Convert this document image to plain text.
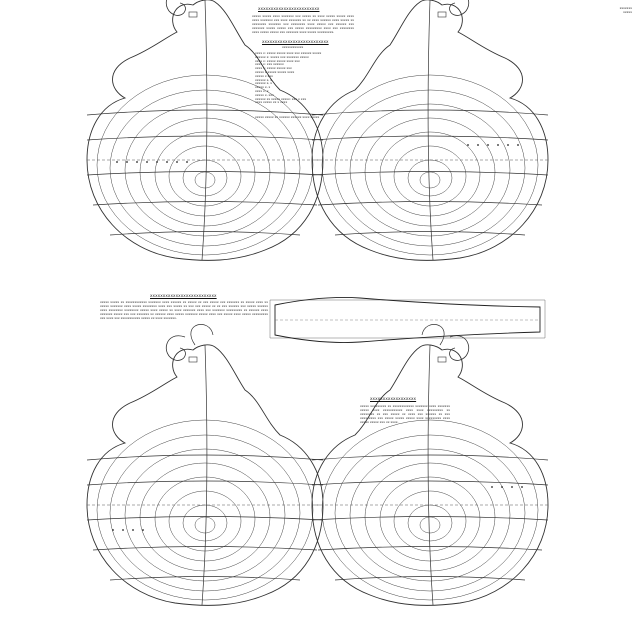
xxxxxxx
xxxxx
XXXXXXXXXXXXXXXXXXXXXXXX
xxxxx xxxxx xxxx xxxxxxx xxx xxxxx xx xxxx xxxxx xxxxx xxxx xxxx xxxxxxx xxx xxxx xxxxxxx xx xx xxxx xxxxxx xxxx xxxxx xx xxxxxxxx xxxxxxx xxx xxxxxxxx xxxx xxxxx xxx xxxxxx xxx xxxxxxx xxxxx xxxxx xxx xxxxx xxxxxxxxx xxxx xxx xxxxxxxx xxxx xxxxx xxxxx xxx xxxxxxx xxxx xxxxx xxxxxxxxx.
XXXXXXXXXXXXXXXXXXXXXXXXXX
xxxxxxxxxxxx
xxxx x: xxxxx xxxxx xxxx xxx xxxxxx xxxxx
xxxxxx x: xxxxx xxx xxxxxxx xxxxx
xxxx x: xxxxx xxxxx xxxx xxx
xxxx x: xxx xxxxxx
xxxx x: xxxxx xxxxx xxx
xxxxx x xxxxx xxxxx xxxx
xxxxx x xxx
xxxxxx x, x
xxxxxx x, x
xxxxx x, x
xxxx x, x
xxxxx x, xxx
xxxxxx xx xxxxx xxxxx: xxx x xxx
xxxx xxxxx xx x xxxx
xxxxx xxxxx xx xxxxxx xxxxxx xxxx xxxxx
XXXXXXXXXXXXXXXXXXXXXXXXXX
xxxxx xxxxx xx xxxxxxxxxxxx xxxxxxx xxxx xxxxxx xx xxxxx xx xxx xxxxx xxx xxxxxxx xx xxxxx xxxx xx xxxxx xxxxxxx xxxx xxxxx xxxxxxxx xxxx xxx xxxxx xx xxx xxx xxxxx xx xx xxx xxxxxx xxx xxxxx xxxxxx xxxx xxxxxxxx xxxxxxxx xxxxx xxxx xxxxx xx xxxx xxxxxxx xxxx xxx xxxxxxx xxxxxxxxx xx xxxxxx xxxx xxxxxxx xxxxx xxx xxx xxxxxxx xx xxxxxx xxxx xxxxx xxxxxxx xxxxx xxxx xxx xxxxx xxxx xxxxx xxxxxxxxx xxx xxxx xxx xxxxxxxxxxx xxxxx xx xxxx xxxxxxx.
XXXXXXXXXXXXXXXXXX
xxxxx xxxxxxxxx xx xxxxxxxxxxxx xxxxxxx xxxx xxxxxxx xxxxx xxxx xxxxxxxxxxx xxxx xxxx xxxxxxxxx xx xxxxxxxx xx xxx xxxxx xx xxxx xxx xxxxxx xx xxx xxxxxxxxx xxx xxxxx xxxxx xxxxx xxxx xxxxxxxxx xxxx xxxxx xxxxx xxx xx xxxx.
